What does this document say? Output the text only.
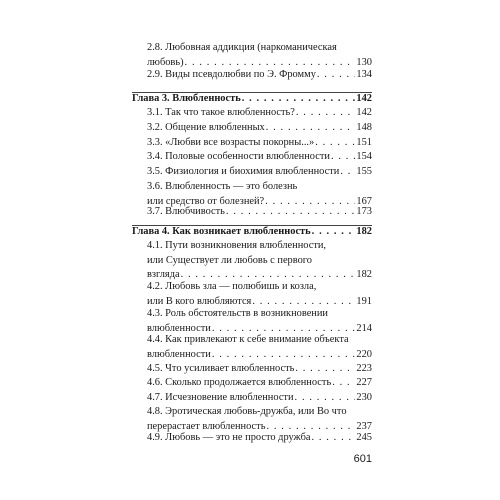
601
2.8. Любовная аддикция (наркоманическая
любовь) . . .	130
2.9. Виды псевдолюбви по Э. Фромму . . .	134
Глава 3. Влюбленность . . .	142
3.1. Так что такое влюбленность? . . .	142
3.2. Общение влюбленных . . .	148
3.3. «Любви все возрасты покорны...» . . .	151
3.4. Половые особенности влюбленности . . .	154
3.5. Физиология и биохимия влюбленности . . . 155
3.6. Влюбленность — это болезнь
или средство от болезней? . . .	167
3.7. Влюбчивость . . .	173
Глава 4. Как возникает влюбленность . . .	182
4.1. Пути возникновения влюбленности,
или Существует ли любовь с первого
взгляда . . .	182
4.2. Любовь зла — полюбишь и козла,
или В кого влюбляются . . .	191
4.3. Роль обстоятельств в возникновении
влюбленности . . .	214
4.4. Как привлекают к себе внимание объекта
влюбленности . . .	220
4.5. Что усиливает влюбленность . . .	223
4.6. Сколько продолжается влюбленность . . . 227
4.7. Исчезновение влюбленности . . .	230
4.8. Эротическая любовь-дружба, или Во что
перерастает влюбленность . . .	237
4.9. Любовь — это не просто дружба . . .	245
